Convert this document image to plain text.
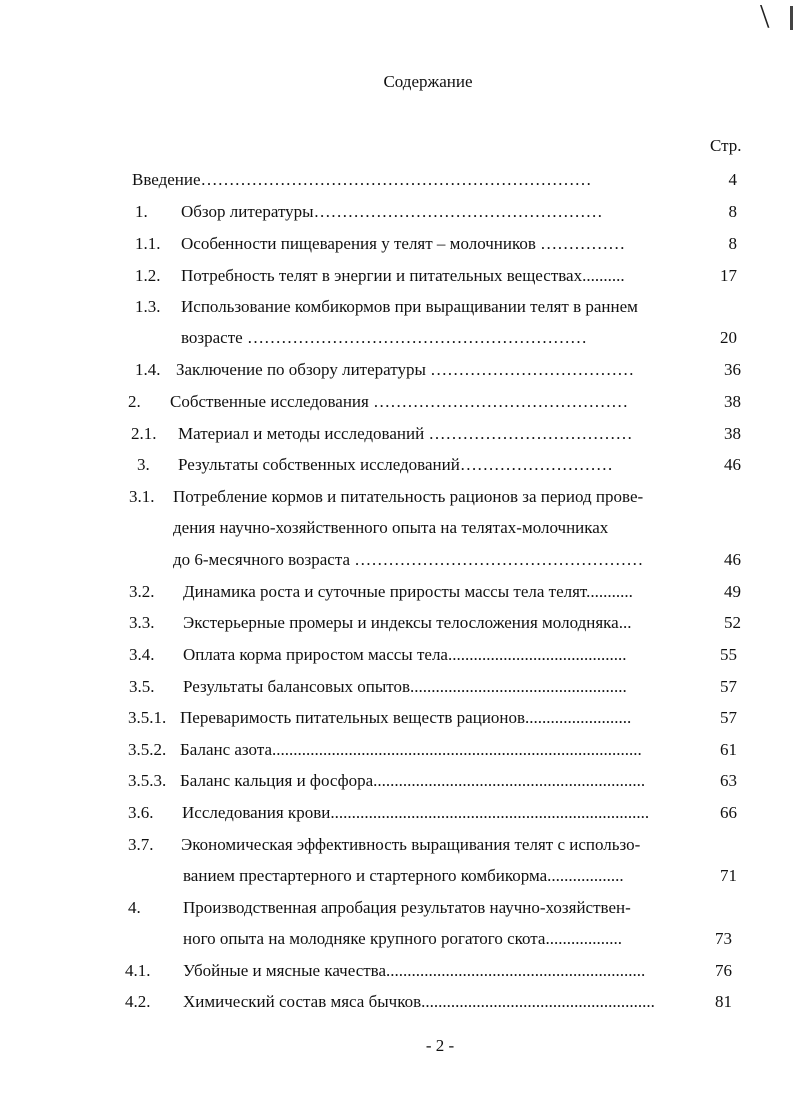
\
Содержание
Стр.
Введение……………………………………………………………	4
1. Обзор литературы……………………………………………	8
1.1. Особенности пищеварения у телят – молочников ……………	8
1.2. Потребность телят в энергии и питательных веществах..........	17
1.3. Использование комбикормов при выращивании телят в раннем
возрасте ……………………………………………………	20
1.4. Заключение по обзору литературы ………………………………	36
2. Собственные исследования ………………………………………	38
2.1. Материал и методы исследований ………………………………	38
3. Результаты собственных исследований………………………	46
3.1. Потребление кормов и питательность рационов за период прове-
дения научно-хозяйственного опыта на телятах-молочниках
до 6-месячного возраста ……………………………………………	46
3.2. Динамика роста и суточные приросты массы тела телят...........	49
3.3. Экстерьерные промеры и индексы телосложения молодняка...	52
3.4. Оплата корма приростом массы тела..........................................	55
3.5. Результаты балансовых опытов...................................................	57
3.5.1. Переваримость питательных веществ рационов.........................	57
3.5.2. Баланс азота.......................................................................................	61
3.5.3. Баланс кальция и фосфора................................................................	63
3.6. Исследования крови...........................................................................	66
3.7. Экономическая эффективность выращивания телят с использо-
ванием престартерного и стартерного комбикорма..................	71
4. Производственная апробация результатов научно-хозяйствен-
ного опыта на молодняке крупного рогатого скота..................	73
4.1. Убойные и мясные качества.............................................................	76
4.2. Химический состав мяса бычков.......................................................	81
- 2 -
